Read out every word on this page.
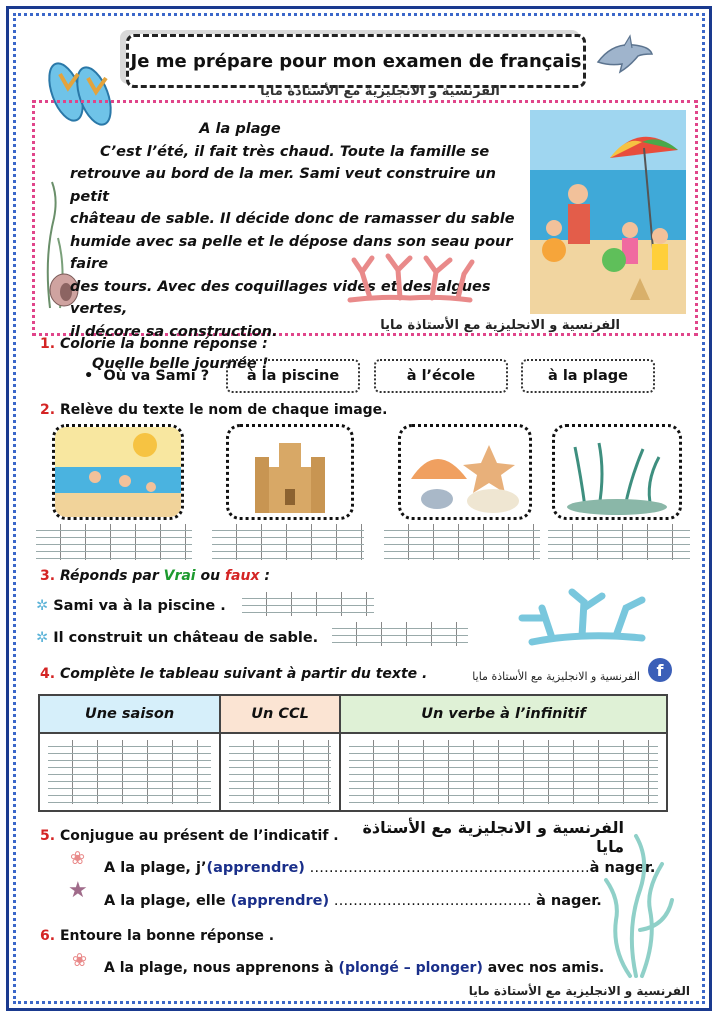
Je me prépare pour mon examen de français
الفرنسية و الانجليزية مع الأستاذة مايا

A la plage

C’est l’été, il fait très chaud. Toute la famille se

retrouve au bord de la mer. Sami veut construire un petit

château de sable. Il décide donc de ramasser du sable

humide avec sa pelle et le dépose dans son seau pour faire

des tours. Avec des coquillages vides et des algues vertes,

il décore sa construction.

Quelle belle journée !

الفرنسية و الانجليزية مع الأستاذة مايا
1. Colorie la bonne réponse :
•  Où va Sami ?	à la piscine	à l’école	à la plage
2. Relève du texte le nom de chaque image.
3. Réponds par Vrai ou faux :
✲ Sami va à la piscine .
✲ Il construit un château de sable.
4. Complète le tableau suivant à partir du texte .	الفرنسية و الانجليزية مع الأستاذة مايا	f
Une saison	Un CCL	Un verbe à l’infinitif

5. Conjugue au présent de l’indicatif .	الفرنسية و الانجليزية مع الأستاذة مايا
❀ A la plage, j’(apprendre) ………………………………………………….à nager.
★ A la plage, elle (apprendre) ………………………………….. à nager.
6. Entoure la bonne réponse .
❀ A la plage, nous apprenons à (plongé – plonger) avec nos amis.
الفرنسية و الانجليزية مع الأستاذة مايا
